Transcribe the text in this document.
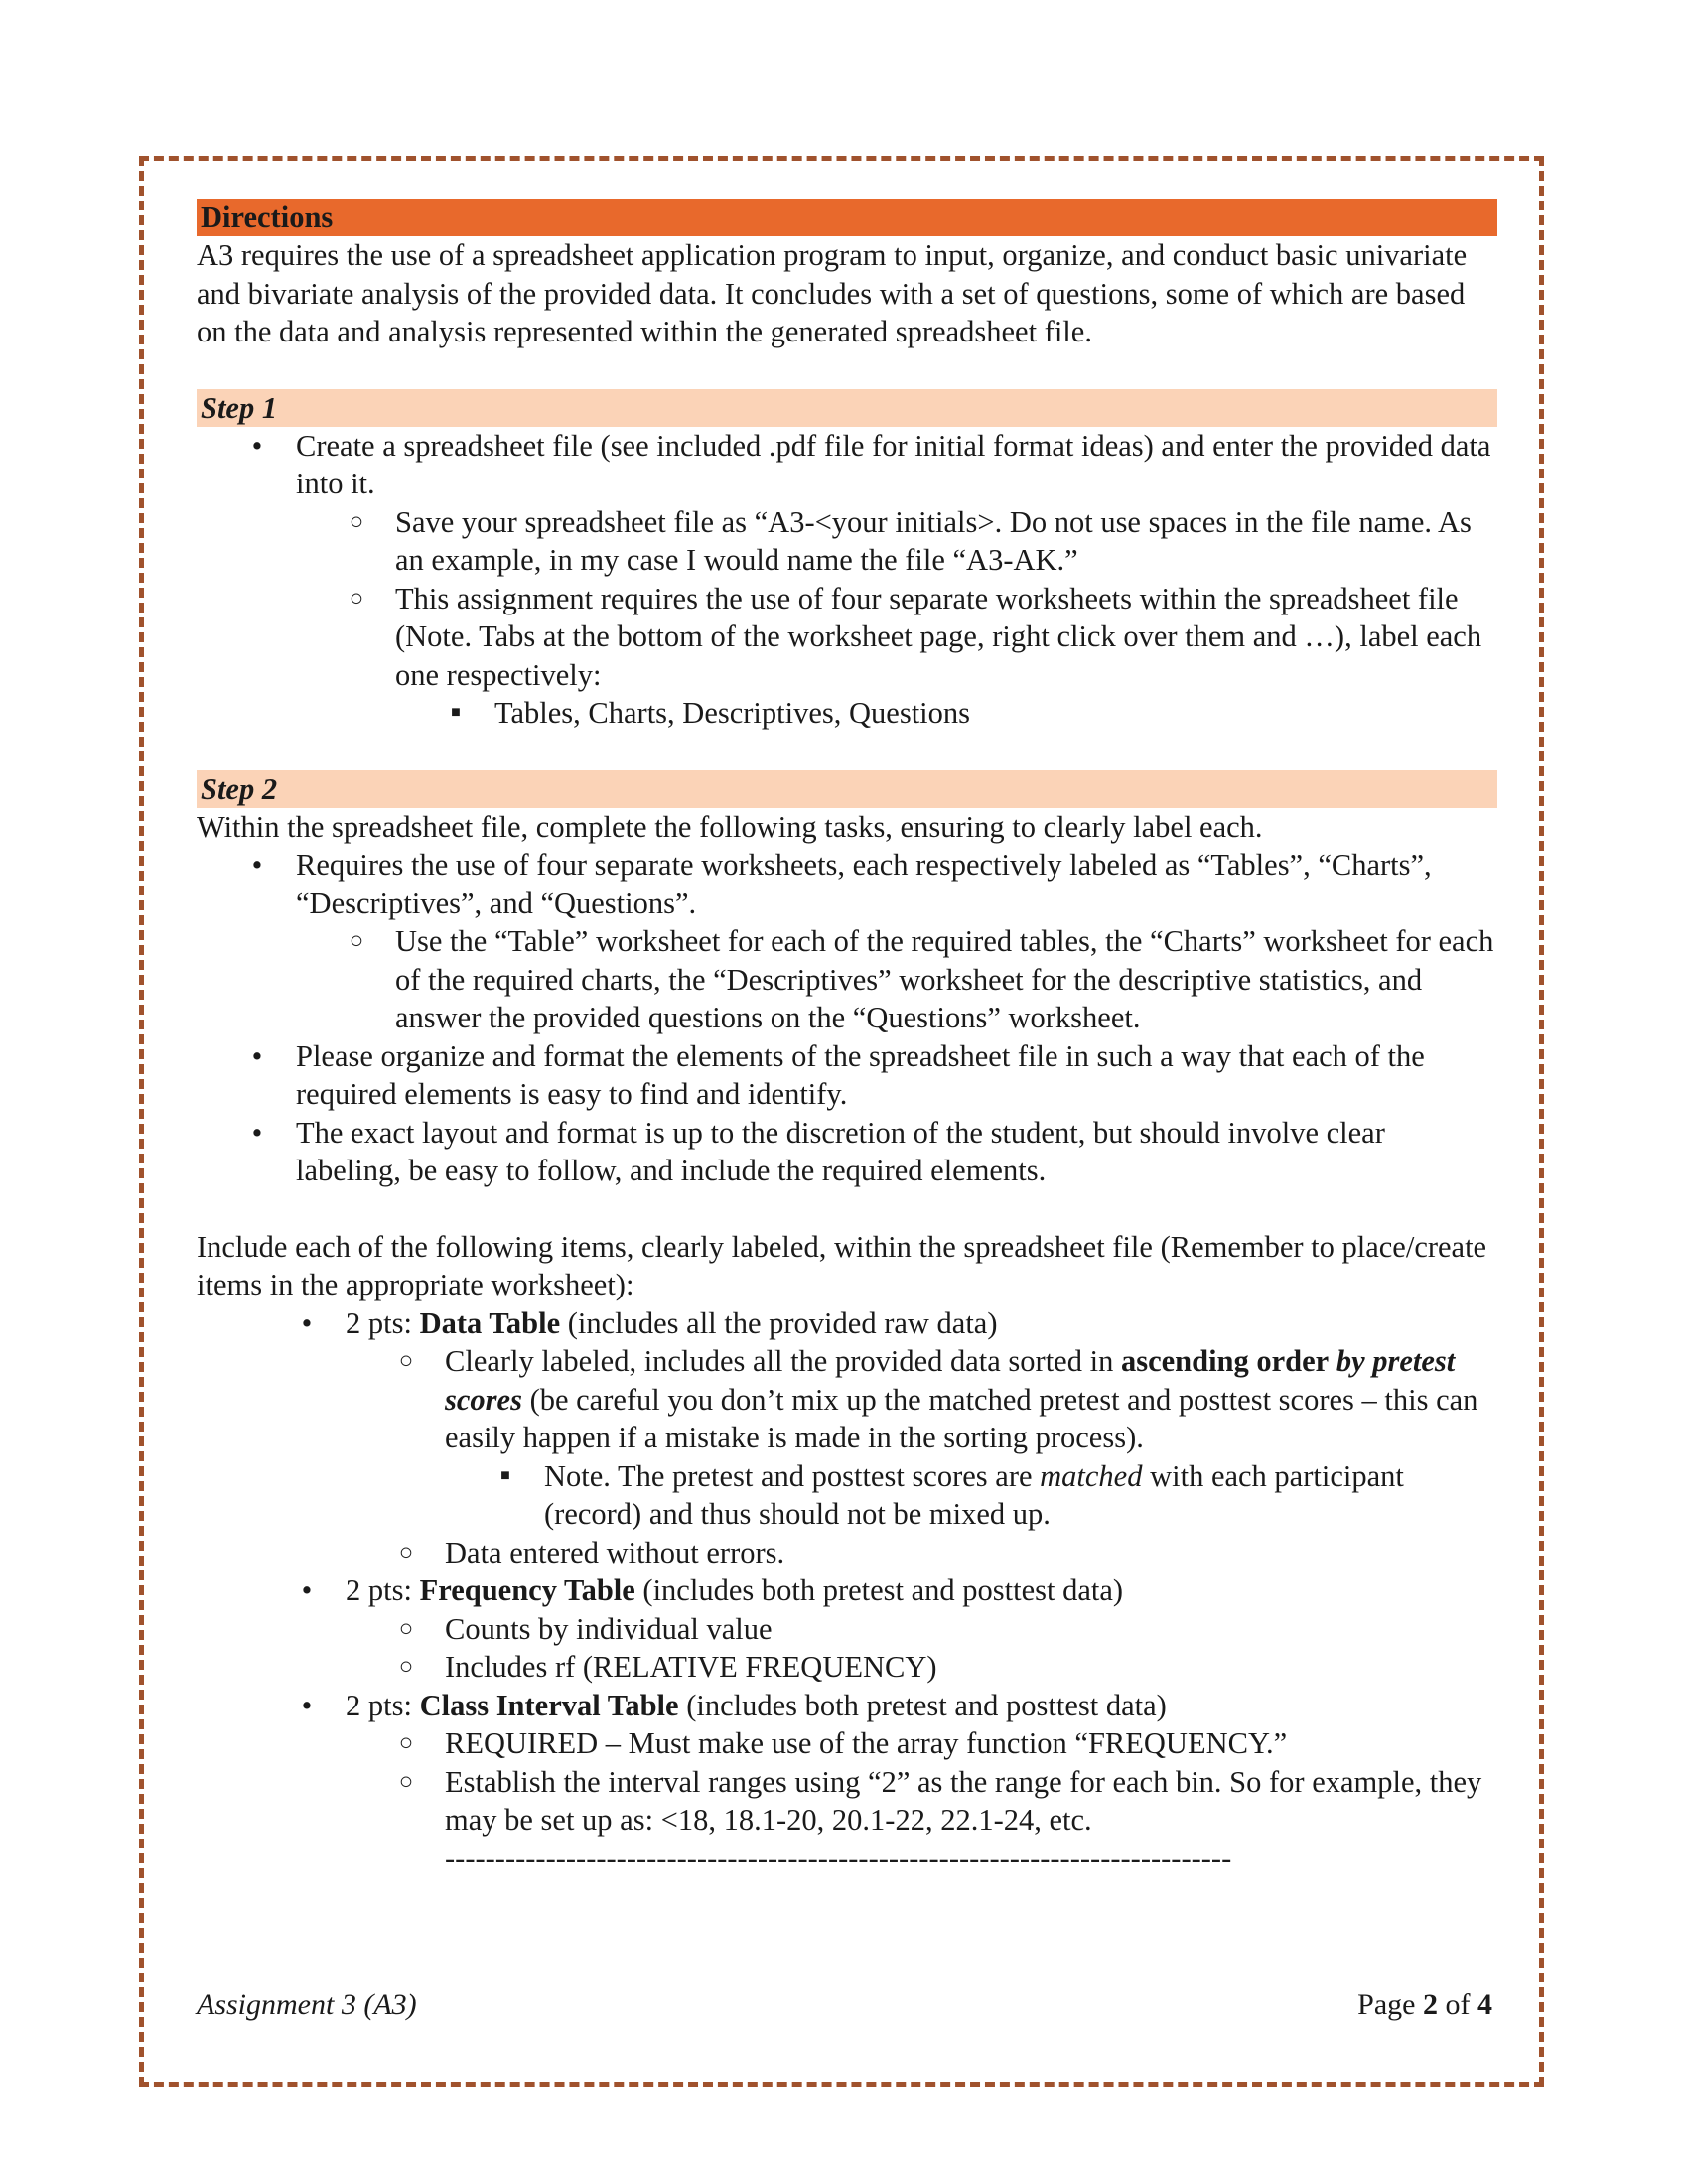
Directions

A3 requires the use of a spreadsheet application program to input, organize, and conduct basic univariate and bivariate analysis of the provided data. It concludes with a set of questions, some of which are based on the data and analysis represented within the generated spreadsheet file.

Step 1
•	Create a spreadsheet file (see included .pdf file for initial format ideas) and enter the provided data into it.
○ Save your spreadsheet file as “A3-<your initials>. Do not use spaces in the file name. As an example, in my case I would name the file “A3-AK.”
○ This assignment requires the use of four separate worksheets within the spreadsheet file (Note. Tabs at the bottom of the worksheet page, right click over them and …), label each one respectively:
■	Tables, Charts, Descriptives, Questions
Step 2

Within the spreadsheet file, complete the following tasks, ensuring to clearly label each.

•	Requires the use of four separate worksheets, each respectively labeled as “Tables”, “Charts”, “Descriptives”, and “Questions”.
○ Use the “Table” worksheet for each of the required tables, the “Charts” worksheet for each of the required charts, the “Descriptives” worksheet for the descriptive statistics, and answer the provided questions on the “Questions” worksheet.
•	Please organize and format the elements of the spreadsheet file in such a way that each of the required elements is easy to find and identify.
•	The exact layout and format is up to the discretion of the student, but should involve clear labeling, be easy to follow, and include the required elements.

Include each of the following items, clearly labeled, within the spreadsheet file (Remember to place/create items in the appropriate worksheet):

•	2 pts: Data Table (includes all the provided raw data)
○ Clearly labeled, includes all the provided data sorted in ascending order by pretest scores (be careful you don’t mix up the matched pretest and posttest scores – this can easily happen if a mistake is made in the sorting process).
■	Note. The pretest and posttest scores are matched with each participant (record) and thus should not be mixed up.
○ Data entered without errors.
•	2 pts: Frequency Table (includes both pretest and posttest data)
○ Counts by individual value
○ Includes rf (RELATIVE FREQUENCY)
•	2 pts: Class Interval Table (includes both pretest and posttest data)
○ REQUIRED – Must make use of the array function “FREQUENCY.”
○ Establish the interval ranges using “2” as the range for each bin. So for example, they may be set up as: <18, 18.1-20, 20.1-22, 22.1-24, etc.
------------------------------------------------------------------------------
Assignment 3 (A3)	Page 2 of 4
